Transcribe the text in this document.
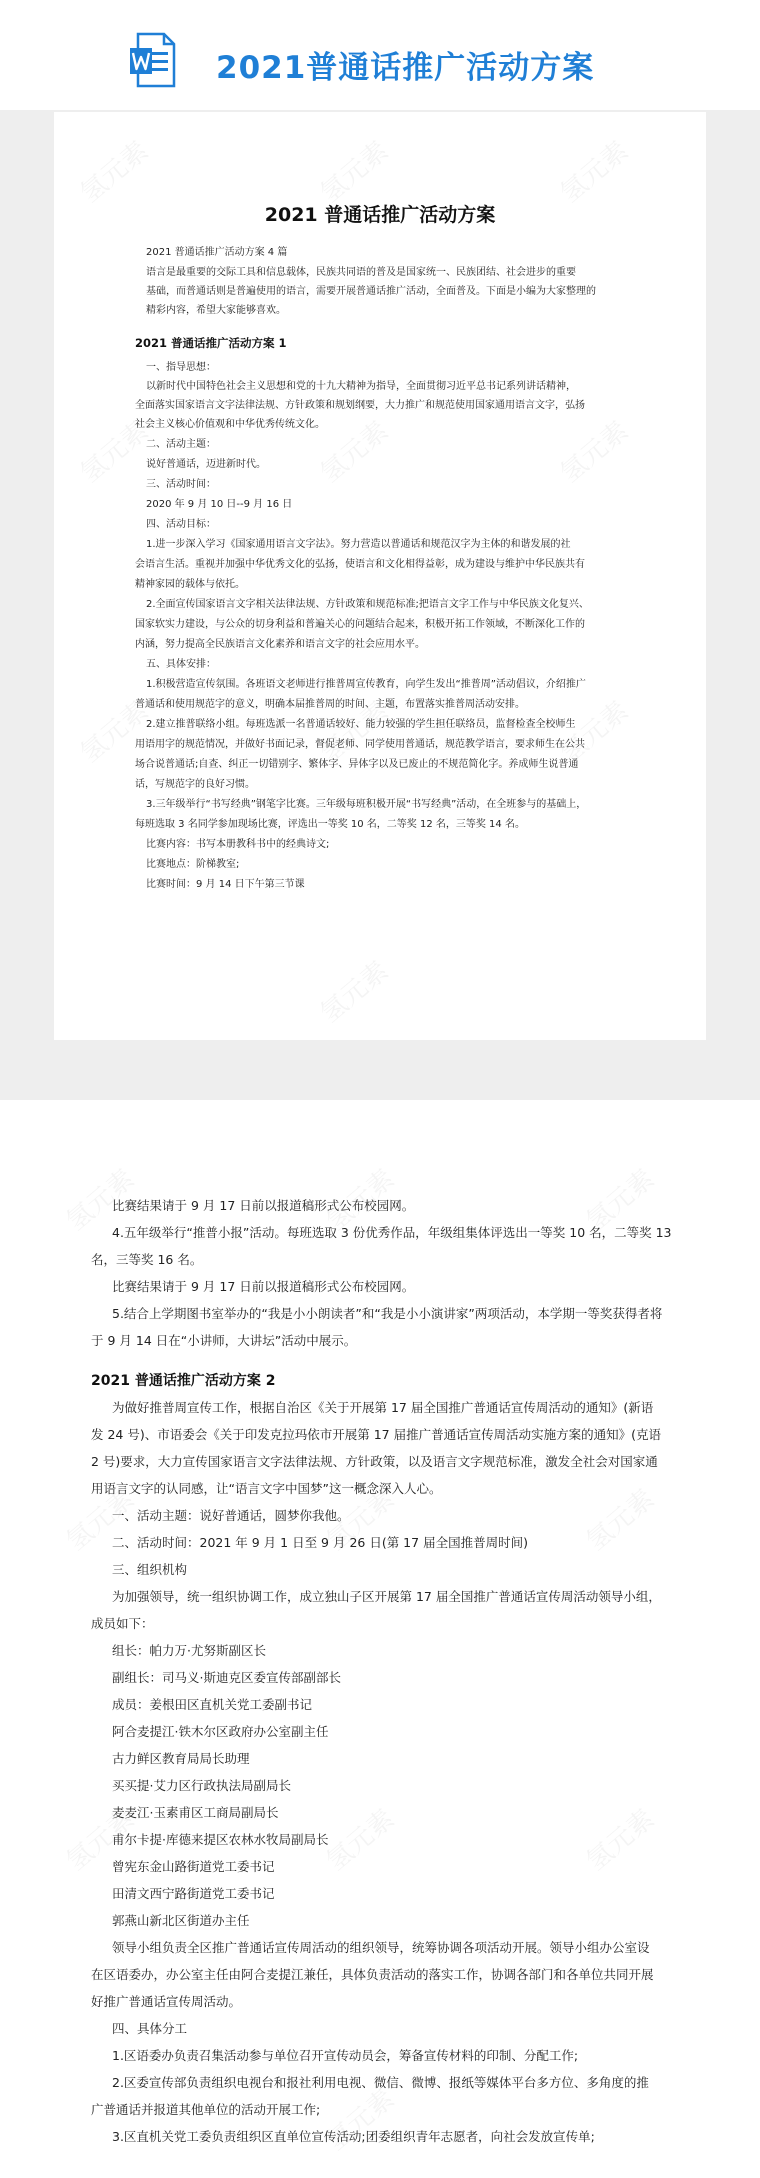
2021普通话推广活动方案
2021 普通话推广活动方案
2021 普通话推广活动方案 4 篇
语言是最重要的交际工具和信息载体，民族共同语的普及是国家统一、民族团结、社会进步的重要
基础，而普通话则是普遍使用的语言，需要开展普通话推广活动，全面普及。下面是小编为大家整理的
精彩内容，希望大家能够喜欢。
2021 普通话推广活动方案 1
一、指导思想：
以新时代中国特色社会主义思想和党的十九大精神为指导，全面贯彻习近平总书记系列讲话精神，
全面落实国家语言文字法律法规、方针政策和规划纲要，大力推广和规范使用国家通用语言文字，弘扬
社会主义核心价值观和中华优秀传统文化。
二、活动主题：
说好普通话，迈进新时代。
三、活动时间：
2020 年 9 月 10 日--9 月 16 日
四、活动目标：
1.进一步深入学习《国家通用语言文字法》。努力营造以普通话和规范汉字为主体的和谐发展的社
会语言生活。重视并加强中华优秀文化的弘扬，使语言和文化相得益彰，成为建设与维护中华民族共有
精神家园的载体与依托。
2.全面宣传国家语言文字相关法律法规、方针政策和规范标准;把语言文字工作与中华民族文化复兴、
国家软实力建设，与公众的切身利益和普遍关心的问题结合起来，积极开拓工作领域，不断深化工作的
内涵，努力提高全民族语言文化素养和语言文字的社会应用水平。
五、具体安排：
1.积极营造宣传氛围。各班语文老师进行推普周宣传教育，向学生发出“推普周”活动倡议，介绍推广
普通话和使用规范字的意义，明确本届推普周的时间、主题，布置落实推普周活动安排。
2.建立推普联络小组。每班选派一名普通话较好、能力较强的学生担任联络员，监督检查全校师生
用语用字的规范情况，并做好书面记录，督促老师、同学使用普通话，规范教学语言，要求师生在公共
场合说普通话;自查、纠正一切错别字、繁体字、异体字以及已废止的不规范简化字。养成师生说普通
话，写规范字的良好习惯。
3.三年级举行“书写经典”钢笔字比赛。三年级每班积极开展“书写经典”活动，在全班参与的基础上，
每班选取 3 名同学参加现场比赛，评选出一等奖 10 名，二等奖 12 名，三等奖 14 名。
比赛内容：书写本册教科书中的经典诗文;
比赛地点：阶梯教室;
比赛时间：9 月 14 日下午第三节课
氢元素	氢元素	氢元素
氢元素	氢元素	氢元素
氢元素	氢元素	氢元素
氢元素
比赛结果请于 9 月 17 日前以报道稿形式公布校园网。
4.五年级举行“推普小报”活动。每班选取 3 份优秀作品，年级组集体评选出一等奖 10 名，二等奖 13
名，三等奖 16 名。
比赛结果请于 9 月 17 日前以报道稿形式公布校园网。
5.结合上学期图书室举办的“我是小小朗读者”和“我是小小演讲家”两项活动，本学期一等奖获得者将
于 9 月 14 日在“小讲师，大讲坛”活动中展示。
2021 普通话推广活动方案 2
为做好推普周宣传工作，根据自治区《关于开展第 17 届全国推广普通话宣传周活动的通知》(新语
发 24 号)、市语委会《关于印发克拉玛依市开展第 17 届推广普通话宣传周活动实施方案的通知》(克语
2 号)要求，大力宣传国家语言文字法律法规、方针政策，以及语言文字规范标准，激发全社会对国家通
用语言文字的认同感，让“语言文字中国梦”这一概念深入人心。
一、活动主题：说好普通话，圆梦你我他。
二、活动时间：2021 年 9 月 1 日至 9 月 26 日(第 17 届全国推普周时间)
三、组织机构
为加强领导，统一组织协调工作，成立独山子区开展第 17 届全国推广普通话宣传周活动领导小组，
成员如下：
组长：帕力万·尤努斯副区长
副组长：司马义·斯迪克区委宣传部副部长
成员：姜根田区直机关党工委副书记
阿合麦提江·铁木尔区政府办公室副主任
古力鲜区教育局局长助理
买买提·艾力区行政执法局副局长
麦麦江·玉素甫区工商局副局长
甫尔卡提·库德来提区农林水牧局副局长
曾宪东金山路街道党工委书记
田清文西宁路街道党工委书记
郭燕山新北区街道办主任
领导小组负责全区推广普通话宣传周活动的组织领导，统筹协调各项活动开展。领导小组办公室设
在区语委办，办公室主任由阿合麦提江兼任，具体负责活动的落实工作，协调各部门和各单位共同开展
好推广普通话宣传周活动。
四、具体分工
1.区语委办负责召集活动参与单位召开宣传动员会，筹备宣传材料的印制、分配工作;
2.区委宣传部负责组织电视台和报社利用电视、微信、微博、报纸等媒体平台多方位、多角度的推
广普通话并报道其他单位的活动开展工作;
3.区直机关党工委负责组织区直单位宣传活动;团委组织青年志愿者，向社会发放宣传单;
氢元素	氢元素	氢元素
氢元素	氢元素	氢元素
氢元素	氢元素	氢元素
氢元素
